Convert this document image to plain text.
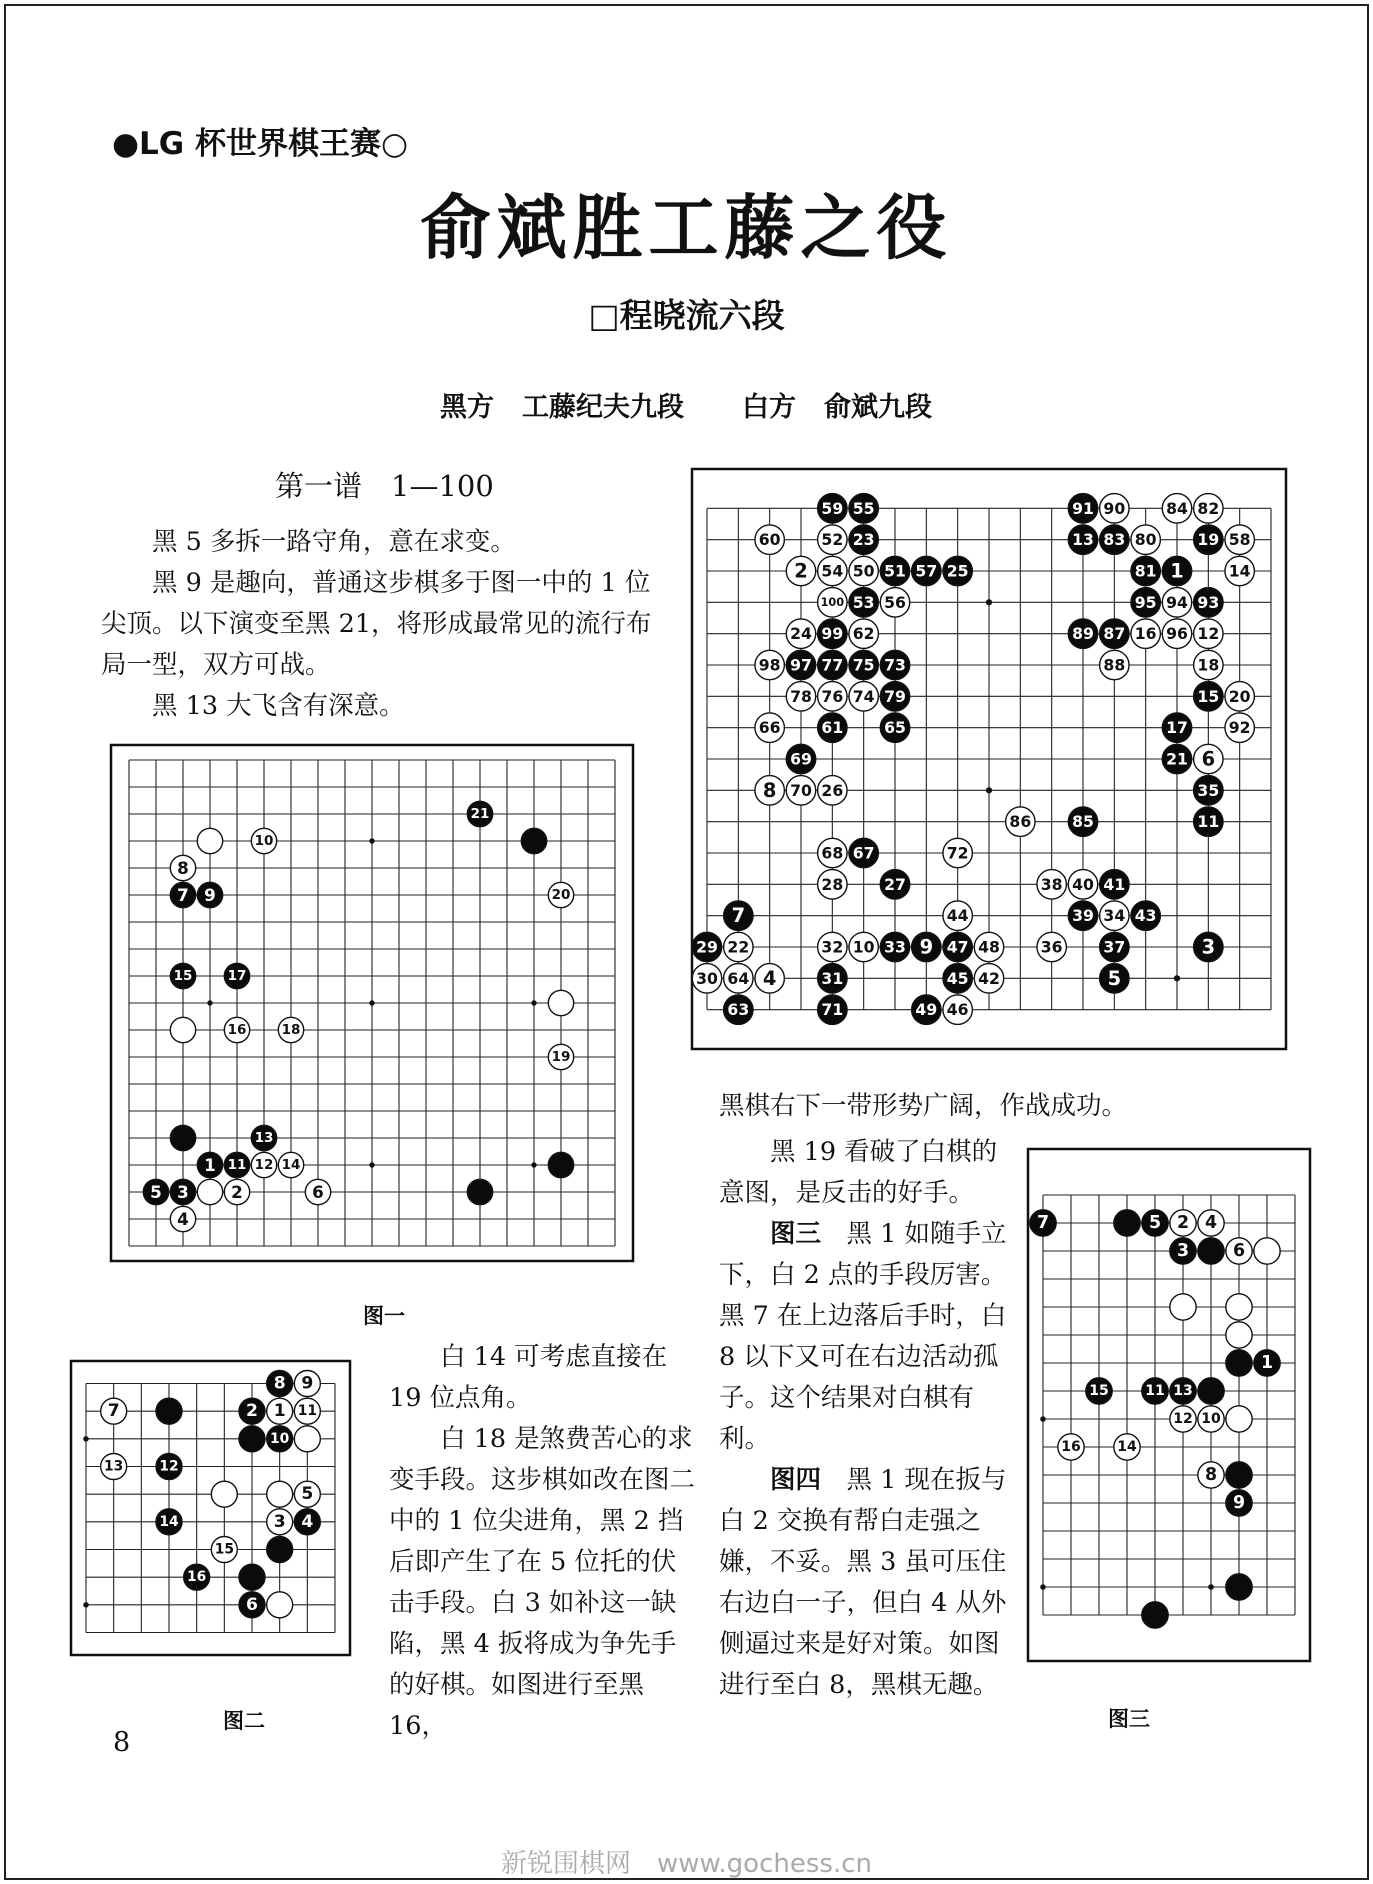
●LG 杯世界棋王赛○
俞斌胜工藤之役
□程晓流六段
黑方 工藤纪夫九段 白方 俞斌九段
第一谱　1—100
黑 5 多拆一路守角，意在求变。
黑 9 是趣向，普通这步棋多于图一中的 1 位尖顶。以下演变至黑 21，将形成最常见的流行布局一型，双方可战。
黑 13 大飞含有深意。
59 55	91 90	84 82
60	52 23	13 83 80	19 58
2 54 50 51 57 25	81 1	14
100 53 56	95 94 93
24 99 62	89 87 16 96 12
98 97 77 75 73	88	18
78 76 74 79	15 20
66	61	65	17	92
69	21 6
8 70 26	35
86	85	11
68 67	72
28	27	38 40 41
7	44	39 34 43
29 22	32 10 33 9 47 48	36	37	3
30 64 4	31	45 42	5
63	71	49 46
21
10
8
7 9	20
15	17
16	18
19
13
1 11 12 14
5 3	2	6
4
8 9
7	2 1 11
10
13	12
5
14	3 4
15
16
6
7	5 2 4
3	6
1
15	11 13
12 10
16	14
8
9
图一
图二	图三
白 14 可考虑直接在 19 位点角。
白 18 是煞费苦心的求变手段。这步棋如改在图二中的 1 位尖进角，黑 2 挡后即产生了在 5 位托的伏击手段。白 3 如补这一缺陷，黑 4 扳将成为争先手的好棋。如图进行至黑 16，
黑棋右下一带形势广阔，作战成功。
黑 19 看破了白棋的意图，是反击的好手。
图三　 黑 1 如随手立下，白 2 点的手段厉害。黑 7 在上边落后手时，白 8 以下又可在右边活动孤子。这个结果对白棋有利。
图四　 黑 1 现在扳与白 2 交换有帮白走强之嫌，不妥。黑 3 虽可压住右边白一子，但白 4 从外侧逼过来是好对策。如图进行至白 8，黑棋无趣。
8
新锐围棋网　www.gochess.cn
